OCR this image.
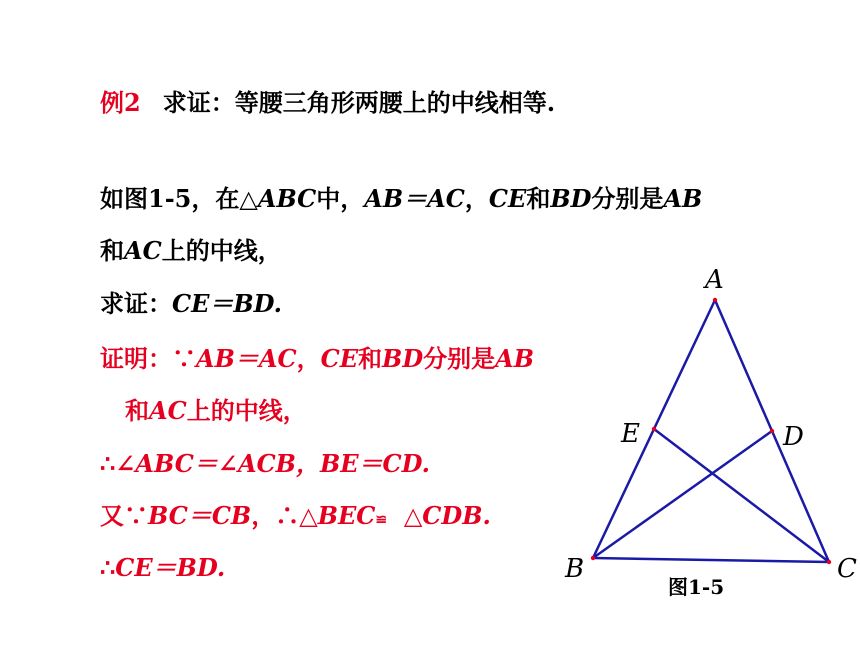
例2 求证：等腰三角形两腰上的中线相等.
如图1-5，在△ABC中，AB＝AC，CE和BD分别是AB
和AC上的中线，
求证：CE＝BD.
证明：∵AB＝AC，CE和BD分别是AB
和AC上的中线，
∴∠ABC＝∠ACB，BE＝CD.
又∵BC＝CB，∴△BEC≌  △CDB.
∴CE＝BD.
A
B	C
D
E
图1-5
